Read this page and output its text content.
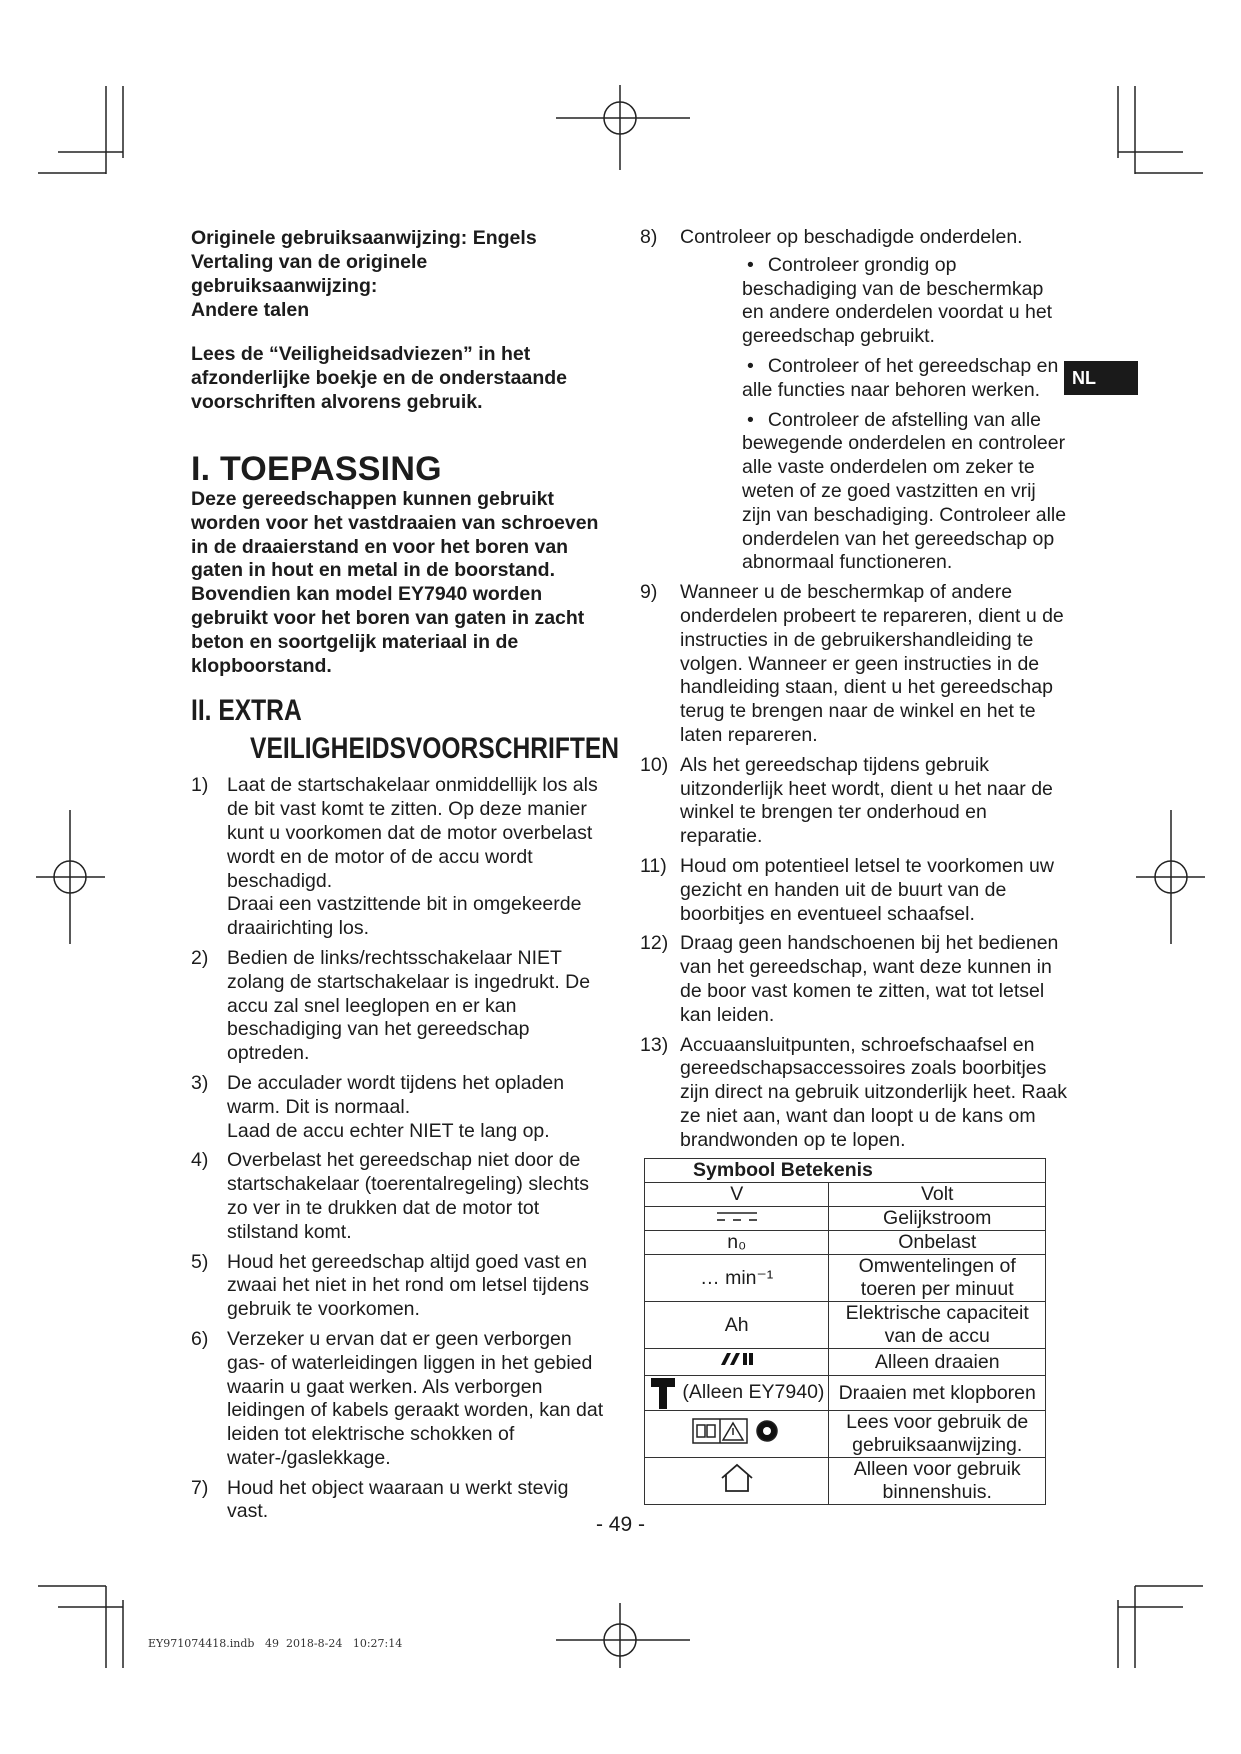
NL

Originele gebruiksaanwijzing: Engels
Vertaling van de originele gebruiksaanwijzing:
Andere talen

Lees de “Veiligheidsadviezen” in het afzonderlijke boekje en de onderstaande voorschriften alvorens gebruik.

I. TOEPASSING

Deze gereedschappen kunnen gebruikt worden voor het vastdraaien van schroeven in de draaierstand en voor het boren van gaten in hout en metal in de boorstand. Bovendien kan model EY7940 worden gebruikt voor het boren van gaten in zacht beton en soortgelijk materiaal in de klopboorstand.

II. EXTRA
VEILIGHEIDSVOORSCHRIFTEN
1) Laat de startschakelaar onmiddellijk los als de bit vast komt te zitten. Op deze manier kunt u voorkomen dat de motor overbelast wordt en de motor of de accu wordt beschadigd.
Draai een vastzittende bit in omgekeerde draairichting los.
2) Bedien de links/rechtsschakelaar NIET zolang de startschakelaar is ingedrukt. De accu zal snel leeglopen en er kan beschadiging van het gereedschap optreden.
3) De acculader wordt tijdens het opladen warm. Dit is normaal.
Laad de accu echter NIET te lang op.
4) Overbelast het gereedschap niet door de startschakelaar (toerentalregeling) slechts zo ver in te drukken dat de motor tot stilstand komt.
5) Houd het gereedschap altijd goed vast en zwaai het niet in het rond om letsel tijdens gebruik te voorkomen.
6) Verzeker u ervan dat er geen verborgen gas- of waterleidingen liggen in het gebied waarin u gaat werken. Als verborgen leidingen of kabels geraakt worden, kan dat leiden tot elektrische schokken of water-/gaslekkage.
7) Houd het object waaraan u werkt stevig vast.
8) Controleer op beschadigde onderdelen.
• Controleer grondig op beschadiging van de beschermkap en andere onderdelen voordat u het gereedschap gebruikt.
• Controleer of het gereedschap en alle functies naar behoren werken.
• Controleer de afstelling van alle bewegende onderdelen en controleer alle vaste onderdelen om zeker te weten of ze goed vastzitten en vrij zijn van beschadiging. Controleer alle onderdelen van het gereedschap op abnormaal functioneren.
9) Wanneer u de beschermkap of andere onderdelen probeert te repareren, dient u de instructies in de gebruikershandleiding te volgen. Wanneer er geen instructies in de handleiding staan, dient u het gereedschap terug te brengen naar de winkel en het te laten repareren.
10) Als het gereedschap tijdens gebruik uitzonderlijk heet wordt, dient u het naar de winkel te brengen ter onderhoud en reparatie.
11) Houd om potentieel letsel te voorkomen uw gezicht en handen uit de buurt van de boorbitjes en eventueel schaafsel.
12) Draag geen handschoenen bij het bedienen van het gereedschap, want deze kunnen in de boor vast komen te zitten, wat tot letsel kan leiden.
13) Accuaansluitpunten, schroefschaafsel en gereedschapsaccessoires zoals boorbitjes zijn direct na gebruik uitzonderlijk heet. Raak ze niet aan, want dan loopt u de kans om brandwonden op te lopen.
Symbool Betekenis	
V	Volt
	Gelijkstroom
n₀	Onbelast
… min⁻¹	Omwentelingen of toeren per minuut
Ah	Elektrische capaciteit van de accu
	Alleen draaien
(Alleen EY7940)	Draaien met klopboren
	Lees voor gebruik de gebruiksaanwijzing.
	Alleen voor gebruik binnenshuis.
- 49 -
EY971074418.indb   49  2018-8-24   10:27:14
